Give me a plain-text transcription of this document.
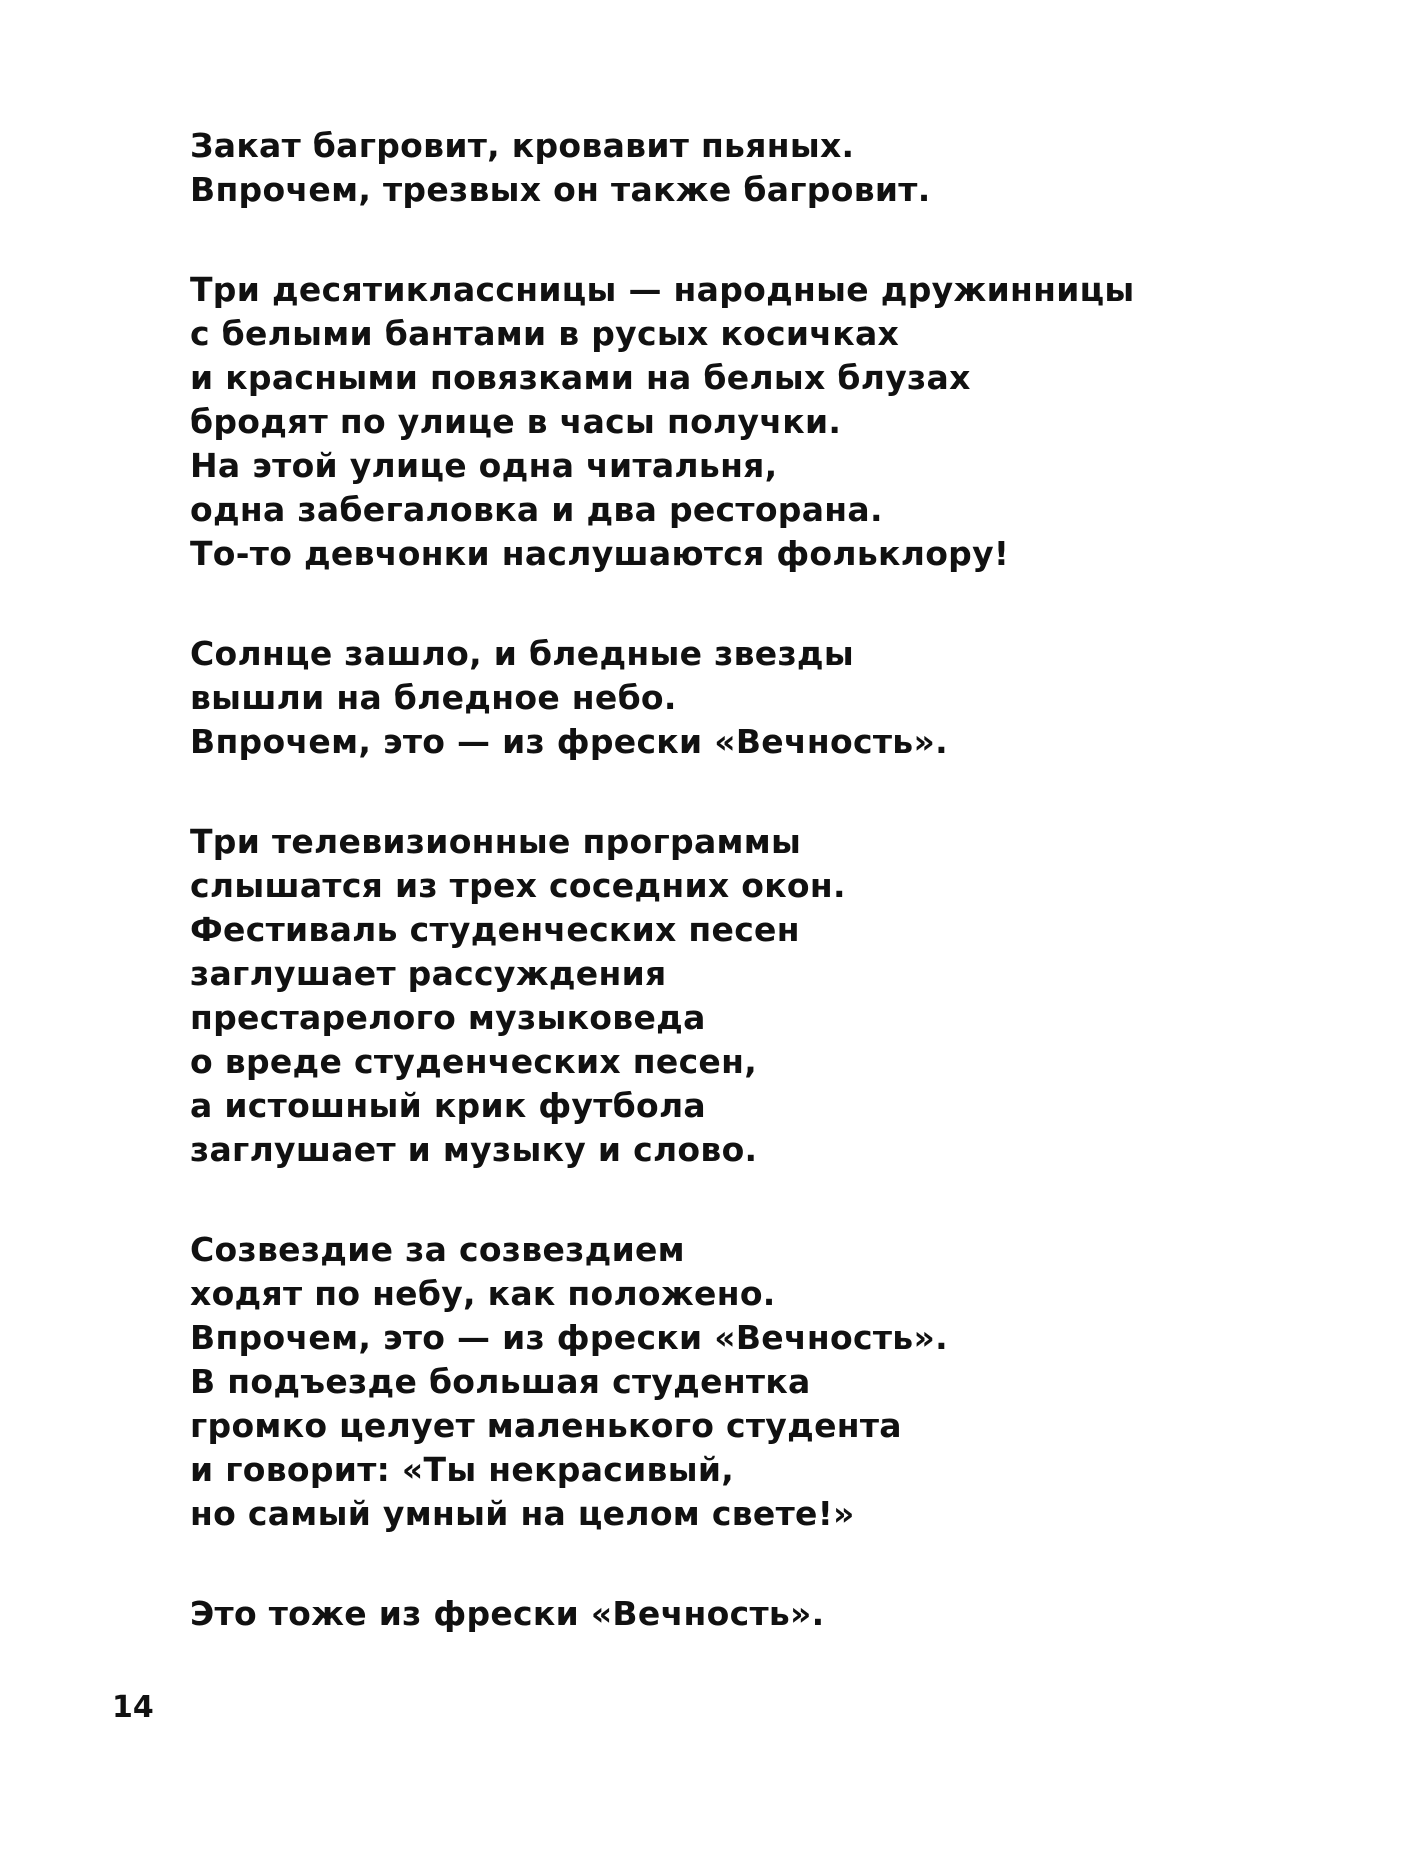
Закат багровит, кровавит пьяных.
Впрочем, трезвых он также багровит.
Три десятиклассницы — народные дружинницы
с белыми бантами в русых косичках
и красными повязками на белых блузах
бродят по улице в часы получки.
На этой улице одна читальня,
одна забегаловка и два ресторана.
То-то девчонки наслушаются фольклору!
Солнце зашло, и бледные звезды
вышли на бледное небо.
Впрочем, это — из фрески «Вечность».
Три телевизионные программы
слышатся из трех соседних окон.
Фестиваль студенческих песен
заглушает рассуждения
престарелого музыковеда
о вреде студенческих песен,
а истошный крик футбола
заглушает и музыку и слово.
Созвездие за созвездием
ходят по небу, как положено.
Впрочем, это — из фрески «Вечность».
В подъезде большая студентка
громко целует маленького студента
и говорит: «Ты некрасивый,
но самый умный на целом свете!»
Это тоже из фрески «Вечность».
14
